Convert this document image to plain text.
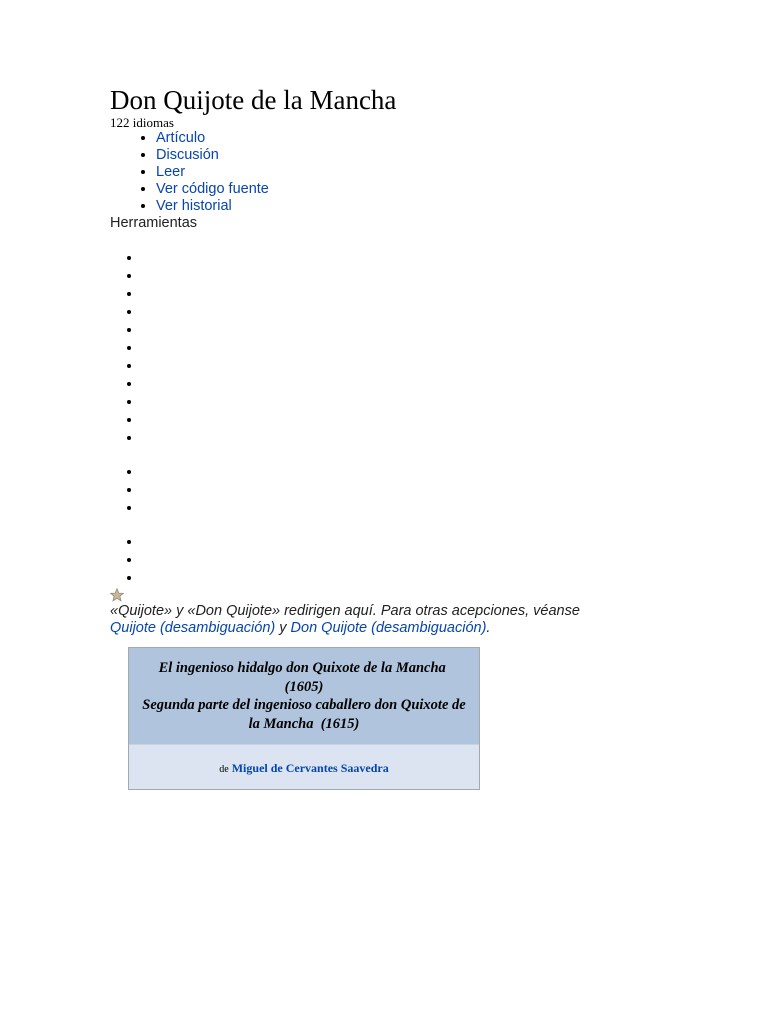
Don Quijote de la Mancha
122 idiomas
• Artículo
• Discusión
• Leer
• Ver código fuente
• Ver historial
Herramientas
•
•
•
•
•
•
•
•
•
•
•
•
•
•
•
•
•
«Quijote» y «Don Quijote» redirigen aquí. Para otras acepciones, véanse Quijote (desambiguación) y Don Quijote (desambiguación).
El ingenioso hidalgo don Quixote de la Mancha  (1605)
Segunda parte del ingenioso caballero don Quixote de la Mancha (1615)
de Miguel de Cervantes Saavedra
